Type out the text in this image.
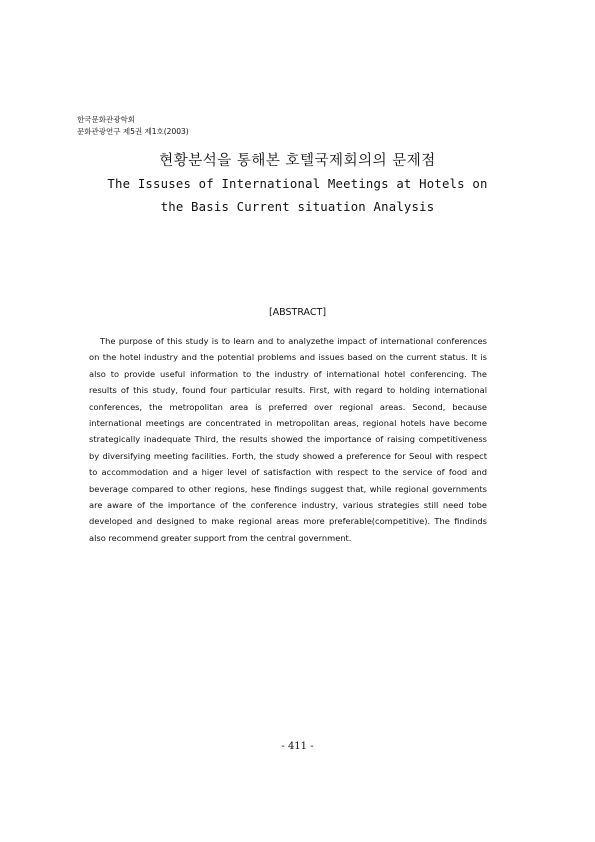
한국문화관광학회
문화관광연구 제5권 제1호(2003)
현황분석을 통해본 호텔국제회의의 문제점
The Issuses of International Meetings at Hotels on
the Basis Current situation Analysis
[ABSTRACT]

The purpose of this study is to learn and to analyzethe impact of international conferences on the hotel industry and the potential problems and issues based on the current status. It is also to provide useful information to the industry of international hotel conferencing. The results of this study, found four particular results. First, with regard to holding international conferences, the metropolitan area is preferred over regional areas. Second, because international meetings are concentrated in metropolitan areas, regional hotels have become strategically inadequate Third, the results showed the importance of raising competitiveness by diversifying meeting facilities. Forth, the study showed a preference for Seoul with respect to accommodation and a higer level of satisfaction with respect to the service of food and beverage compared to other regions, hese findings suggest that, while regional governments are aware of the importance of the conference industry, various strategies still need tobe developed and designed to make regional areas more preferable(competitive). The findinds also recommend greater support from the central government.

- 411 -
